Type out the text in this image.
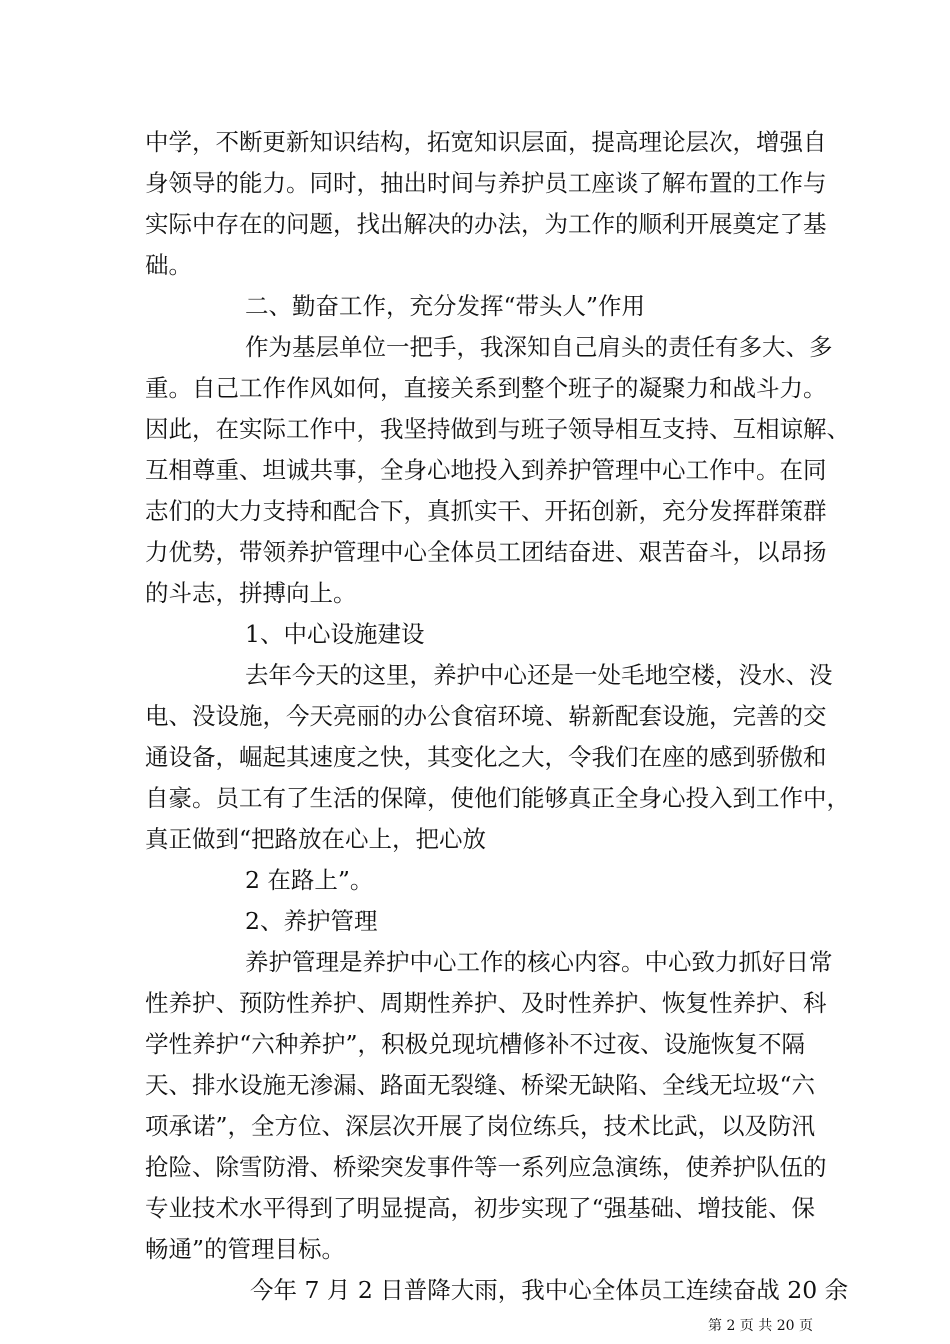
中学，不断更新知识结构，拓宽知识层面，提高理论层次，增强自
身领导的能力。同时，抽出时间与养护员工座谈了解布置的工作与
实际中存在的问题，找出解决的办法，为工作的顺利开展奠定了基
础。
二、勤奋工作，充分发挥“带头人”作用
作为基层单位一把手，我深知自己肩头的责任有多大、多
重。自己工作作风如何，直接关系到整个班子的凝聚力和战斗力。
因此，在实际工作中，我坚持做到与班子领导相互支持、互相谅解、
互相尊重、坦诚共事，全身心地投入到养护管理中心工作中。在同
志们的大力支持和配合下，真抓实干、开拓创新，充分发挥群策群
力优势，带领养护管理中心全体员工团结奋进、艰苦奋斗，以昂扬
的斗志，拼搏向上。
1、中心设施建设
去年今天的这里，养护中心还是一处毛地空楼，没水、没
电、没设施，今天亮丽的办公食宿环境、崭新配套设施，完善的交
通设备，崛起其速度之快，其变化之大，令我们在座的感到骄傲和
自豪。员工有了生活的保障，使他们能够真正全身心投入到工作中，
真正做到“把路放在心上，把心放
2 在路上”。
2、养护管理
养护管理是养护中心工作的核心内容。中心致力抓好日常
性养护、预防性养护、周期性养护、及时性养护、恢复性养护、科
学性养护“六种养护”，积极兑现坑槽修补不过夜、设施恢复不隔
天、排水设施无渗漏、路面无裂缝、桥梁无缺陷、全线无垃圾“六
项承诺”，全方位、深层次开展了岗位练兵，技术比武，以及防汛
抢险、除雪防滑、桥梁突发事件等一系列应急演练，使养护队伍的
专业技术水平得到了明显提高，初步实现了“强基础、增技能、保
畅通”的管理目标。
今年 7 月 2 日普降大雨，我中心全体员工连续奋战 20 余
第 2 页 共 20 页
